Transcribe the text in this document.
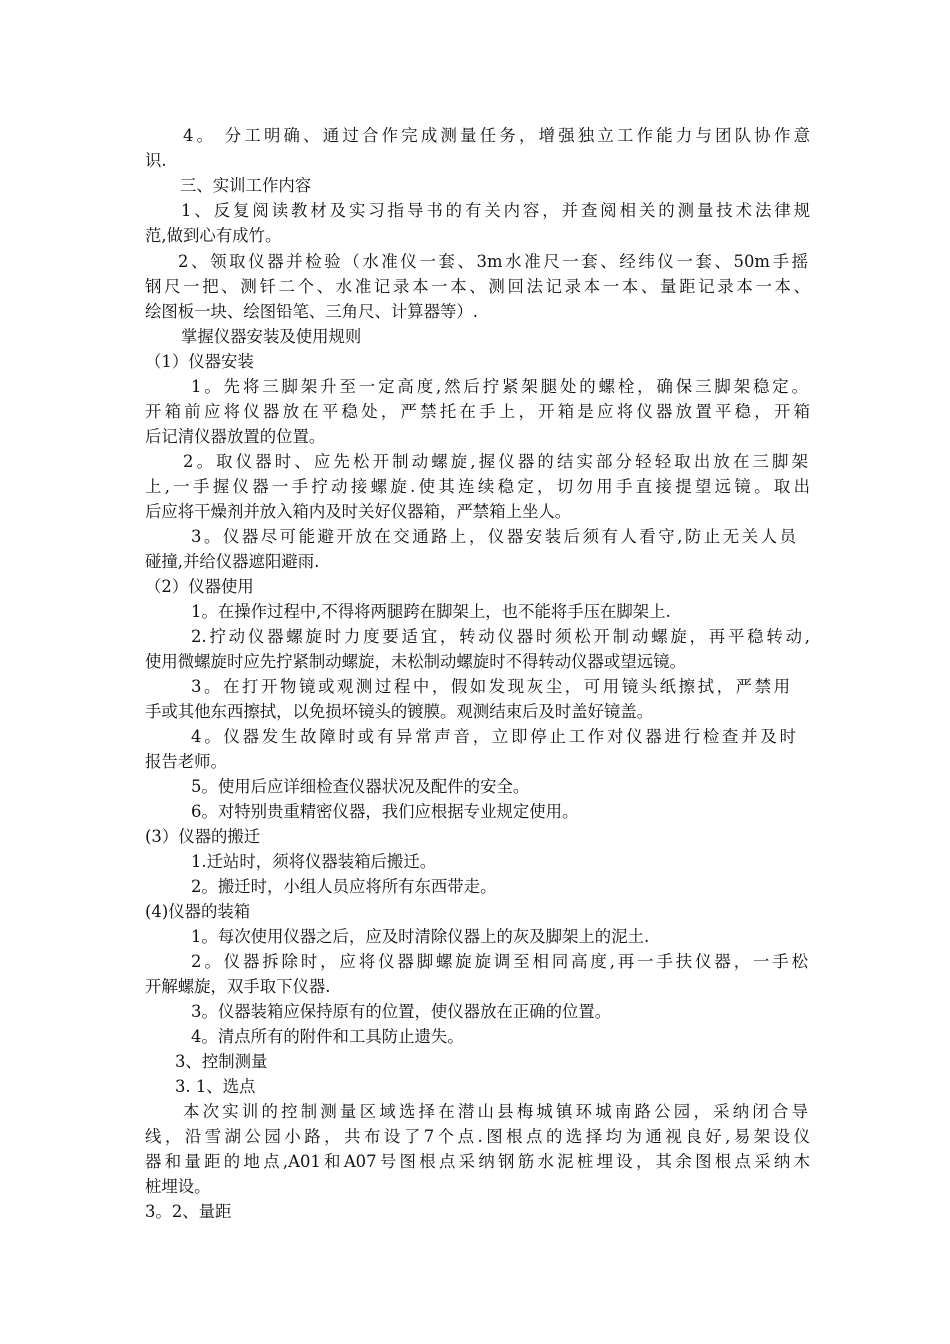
4。 分工明确、通过合作完成测量任务，增强独立工作能力与团队协作意
识.
三、实训工作内容
1、反复阅读教材及实习指导书的有关内容，并查阅相关的测量技术法律规
范,做到心有成竹。
2、领取仪器并检验（水准仪一套、3m水准尺一套、经纬仪一套、50m手摇
钢尺一把、测钎二个、水准记录本一本、测回法记录本一本、量距记录本一本、
绘图板一块、绘图铅笔、三角尺、计算器等）.
掌握仪器安装及使用规则
（1）仪器安装
1。先将三脚架升至一定高度,然后拧紧架腿处的螺栓，确保三脚架稳定。
开箱前应将仪器放在平稳处，严禁托在手上，开箱是应将仪器放置平稳，开箱
后记清仪器放置的位置。
2。取仪器时、应先松开制动螺旋,握仪器的结实部分轻轻取出放在三脚架
上,一手握仪器一手拧动接螺旋.使其连续稳定，切勿用手直接提望远镜。取出
后应将干燥剂并放入箱内及时关好仪器箱，严禁箱上坐人。
3。仪器尽可能避开放在交通路上，仪器安装后须有人看守,防止无关人员
碰撞,并给仪器遮阳避雨.
（2）仪器使用
1。在操作过程中,不得将两腿跨在脚架上，也不能将手压在脚架上.
2.拧动仪器螺旋时力度要适宜，转动仪器时须松开制动螺旋，再平稳转动,
使用微螺旋时应先拧紧制动螺旋，未松制动螺旋时不得转动仪器或望远镜。
3。在打开物镜或观测过程中，假如发现灰尘，可用镜头纸擦拭，严禁用
手或其他东西擦拭，以免损坏镜头的镀膜。观测结束后及时盖好镜盖。
4。仪器发生故障时或有异常声音，立即停止工作对仪器进行检查并及时
报告老师。
5。使用后应详细检查仪器状况及配件的安全。
6。对特别贵重精密仪器，我们应根据专业规定使用。
(3）仪器的搬迁
1.迁站时，须将仪器装箱后搬迁。
2。搬迁时，小组人员应将所有东西带走。
(4)仪器的装箱
1。每次使用仪器之后，应及时清除仪器上的灰及脚架上的泥土.
2。仪器拆除时，应将仪器脚螺旋旋调至相同高度,再一手扶仪器，一手松
开解螺旋，双手取下仪器.
3。仪器装箱应保持原有的位置，使仪器放在正确的位置。
4。清点所有的附件和工具防止遗失。
3、控制测量
3. 1、选点
本次实训的控制测量区域选择在潜山县梅城镇环城南路公园，采纳闭合导
线，沿雪湖公园小路，共布设了7个点.图根点的选择均为通视良好,易架设仪
器和量距的地点,A01和A07号图根点采纳钢筋水泥桩埋设，其余图根点采纳木
桩埋设。
3。2、量距
